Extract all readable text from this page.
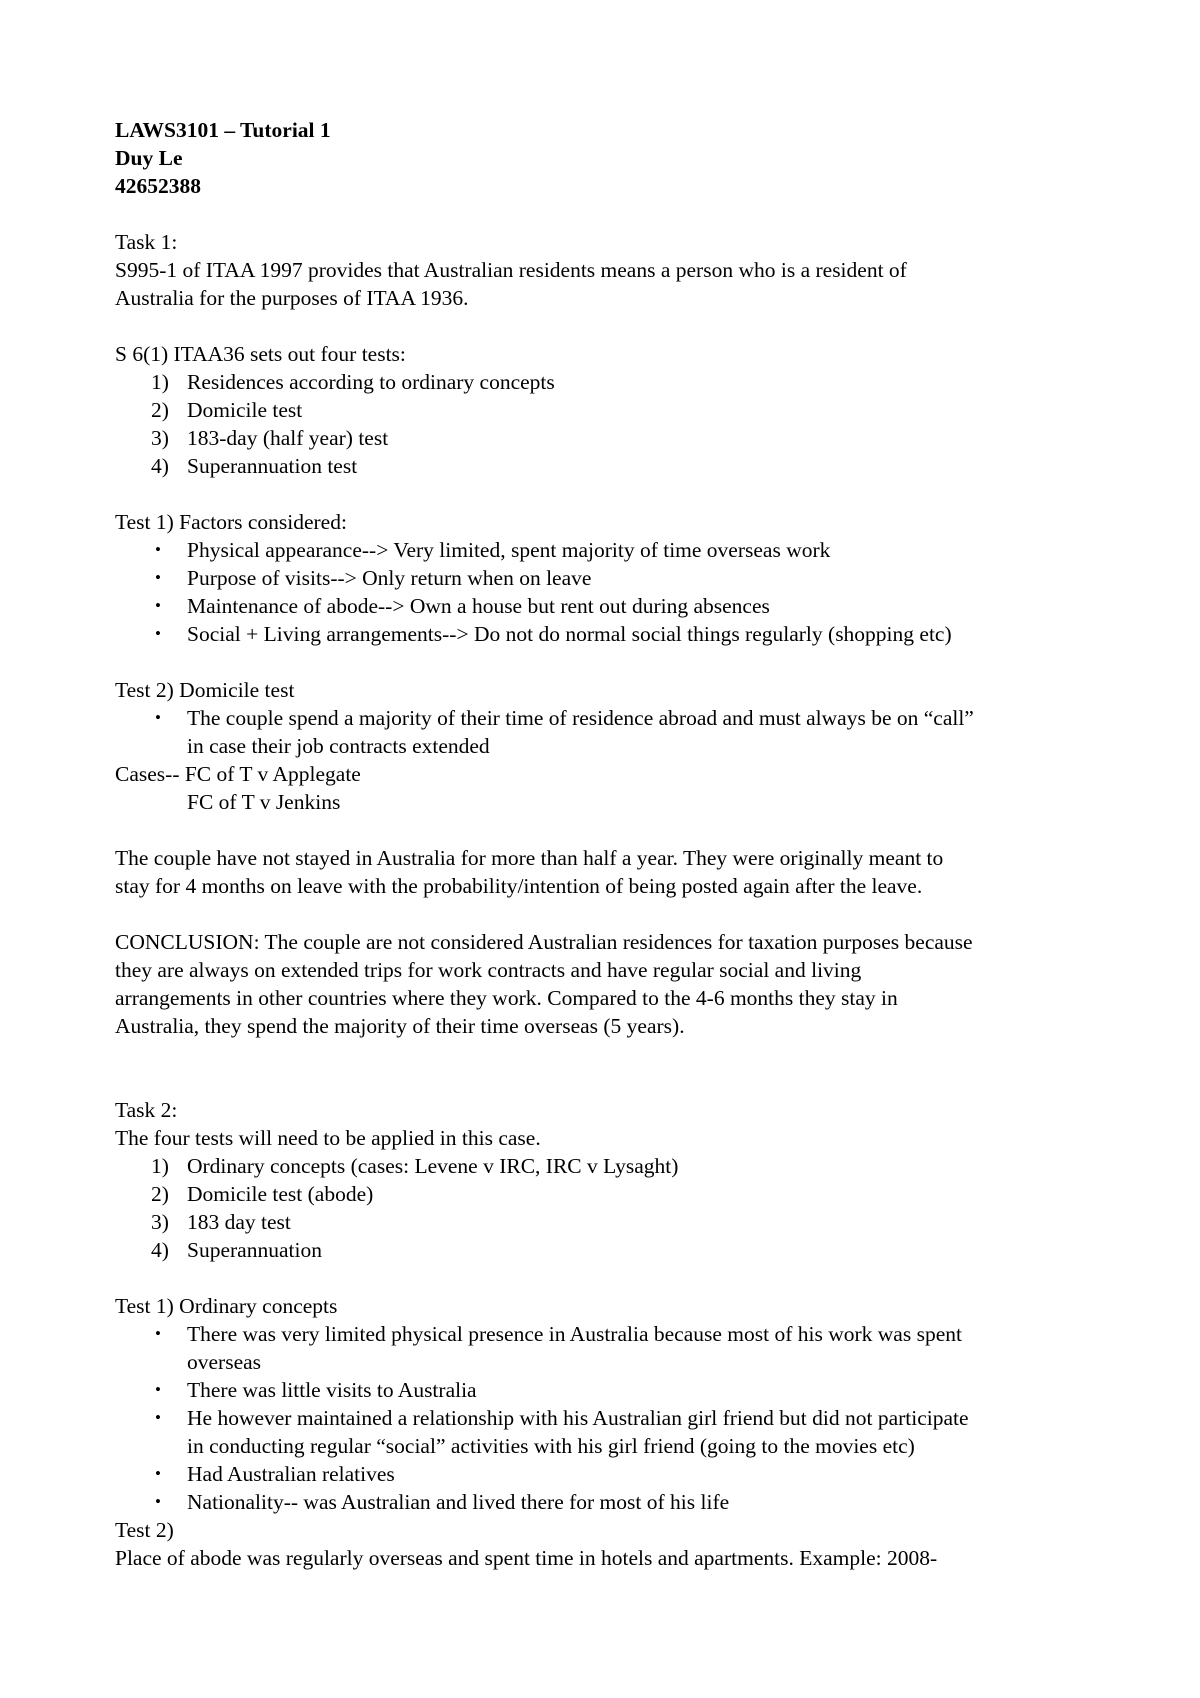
LAWS3101 – Tutorial 1
Duy Le
42652388
Task 1:
S995-1 of ITAA 1997 provides that Australian residents means a person who is a resident of
Australia for the purposes of ITAA 1936.
S 6(1) ITAA36 sets out four tests:
1) Residences according to ordinary concepts
2) Domicile test
3) 183-day (half year) test
4) Superannuation test
Test 1) Factors considered:
• Physical appearance--> Very limited, spent majority of time overseas work
• Purpose of visits--> Only return when on leave
• Maintenance of abode--> Own a house but rent out during absences
• Social + Living arrangements--> Do not do normal social things regularly (shopping etc)
Test 2) Domicile test
• The couple spend a majority of their time of residence abroad and must always be on “call”
in case their job contracts extended
Cases-- FC of T v Applegate
FC of T v Jenkins
The couple have not stayed in Australia for more than half a year. They were originally meant to
stay for 4 months on leave with the probability/intention of being posted again after the leave.
CONCLUSION: The couple are not considered Australian residences for taxation purposes because
they are always on extended trips for work contracts and have regular social and living
arrangements in other countries where they work. Compared to the 4-6 months they stay in
Australia, they spend the majority of their time overseas (5 years).
Task 2:
The four tests will need to be applied in this case.
1) Ordinary concepts (cases: Levene v IRC, IRC v Lysaght)
2) Domicile test (abode)
3) 183 day test
4) Superannuation
Test 1) Ordinary concepts
• There was very limited physical presence in Australia because most of his work was spent
overseas
• There was little visits to Australia
• He however maintained a relationship with his Australian girl friend but did not participate
in conducting regular “social” activities with his girl friend (going to the movies etc)
• Had Australian relatives
• Nationality-- was Australian and lived there for most of his life
Test 2)
Place of abode was regularly overseas and spent time in hotels and apartments. Example: 2008-
